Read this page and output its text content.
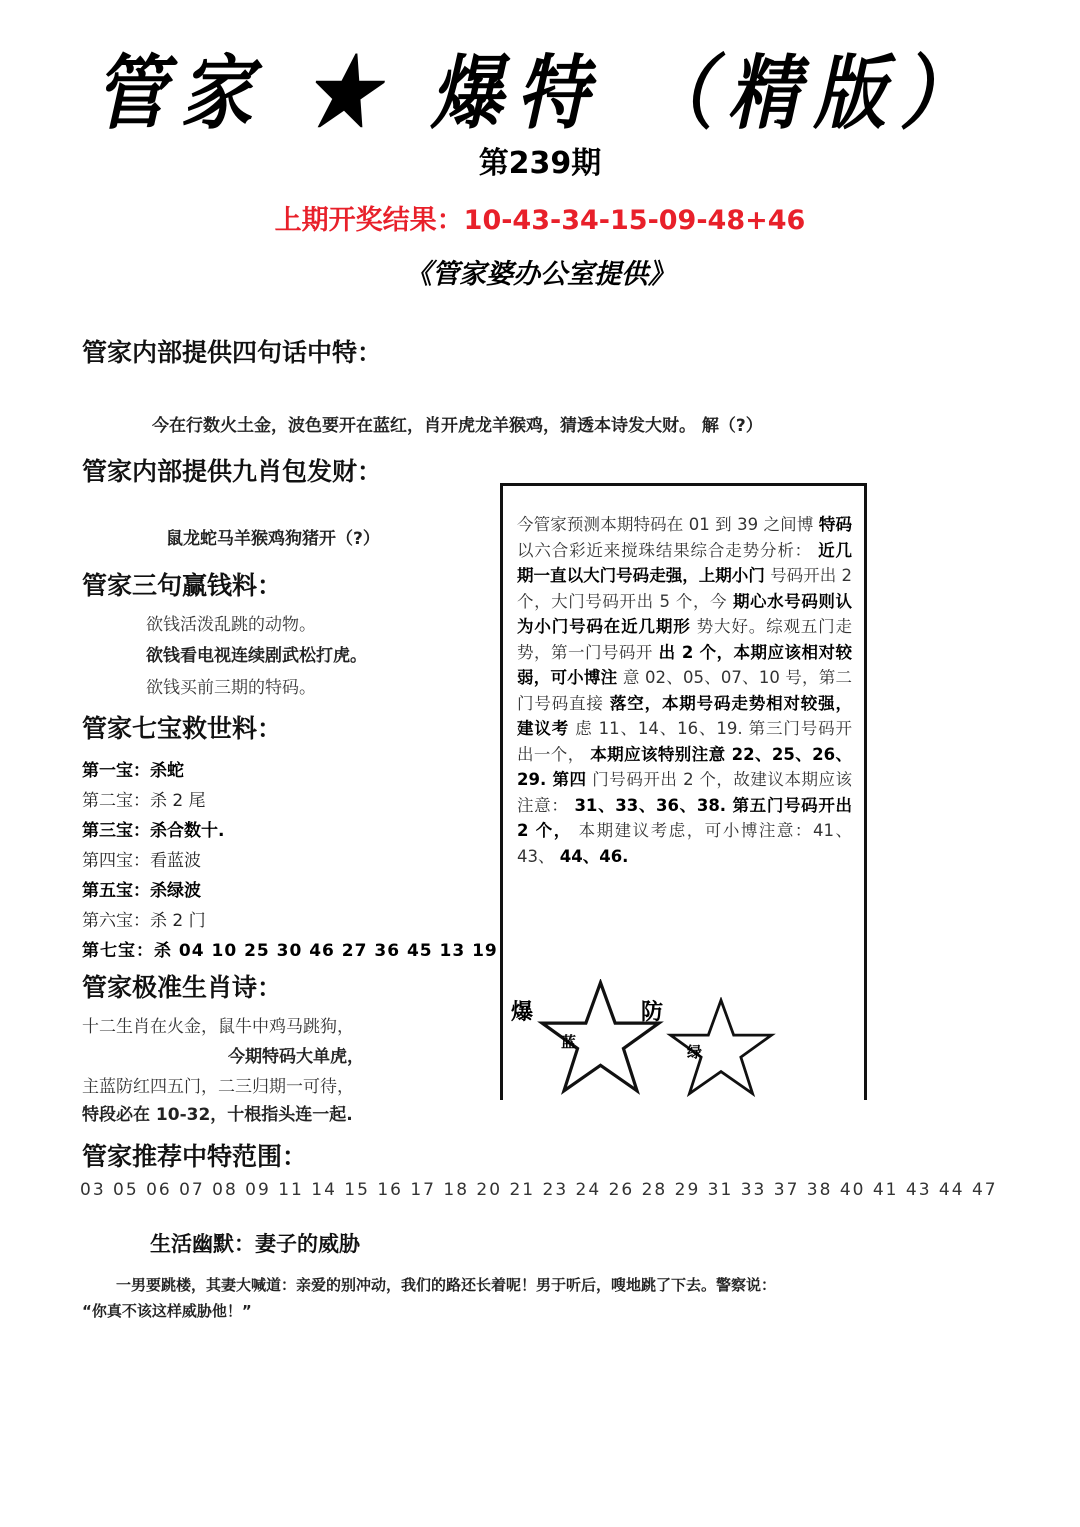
管家 ★ 爆特 （精版）
第239期
上期开奖结果：10-43-34-15-09-48+46
《管家婆办公室提供》
管家内部提供四句话中特：
今在行数火土金，波色要开在蓝红，肖开虎龙羊猴鸡，猜透本诗发大财。 解（?）
管家内部提供九肖包发财：
鼠龙蛇马羊猴鸡狗猪开（?）
管家三句赢钱料：
欲钱活泼乱跳的动物。
欲钱看电视连续剧武松打虎。
欲钱买前三期的特码。
管家七宝救世料：
第一宝：杀蛇
第二宝：杀 2 尾
第三宝：杀合数十.
第四宝：看蓝波
第五宝：杀绿波
第六宝：杀 2 门
第七宝：杀 04 10 25 30 46 27 36 45 13 19
管家极准生肖诗：
十二生肖在火金，鼠牛中鸡马跳狗，
今期特码大单虎，
主蓝防红四五门，二三归期一可待，
特段必在 10-32，十根指头连一起.
管家推荐中特范围：
03 05 06 07 08 09 11 14 15 16 17 18 20 21 23 24 26 28 29 31 33 37 38 40 41 43 44 47
生活幽默：妻子的威胁
一男要跳楼，其妻大喊道：亲爱的别冲动，我们的路还长着呢！男于听后，嗖地跳了下去。警察说：
“你真不该这样威胁他！”
今管家预测本期特码在 01 到 39 之间博 特码 以六合彩近来搅珠结果综合走势分析： 近几期一直以大门号码走强，上期小门 号码开出 2 个，大门号码开出 5 个，今 期心水号码则认为小门号码在近几期形 势大好。综观五门走势，第一门号码开 出 2 个，本期应该相对较弱，可小博注 意 02、05、07、10 号，第二门号码直接 落空，本期号码走势相对较强，建议考 虑 11、14、16、19. 第三门号码开出一个， 本期应该特别注意 22、25、26、29. 第四 门号码开出 2 个，故建议本期应该注意： 31、33、36、38. 第五门号码开出 2 个， 本期建议考虑，可小博注意：41、43、 44、46.
爆
蓝
防
绿
